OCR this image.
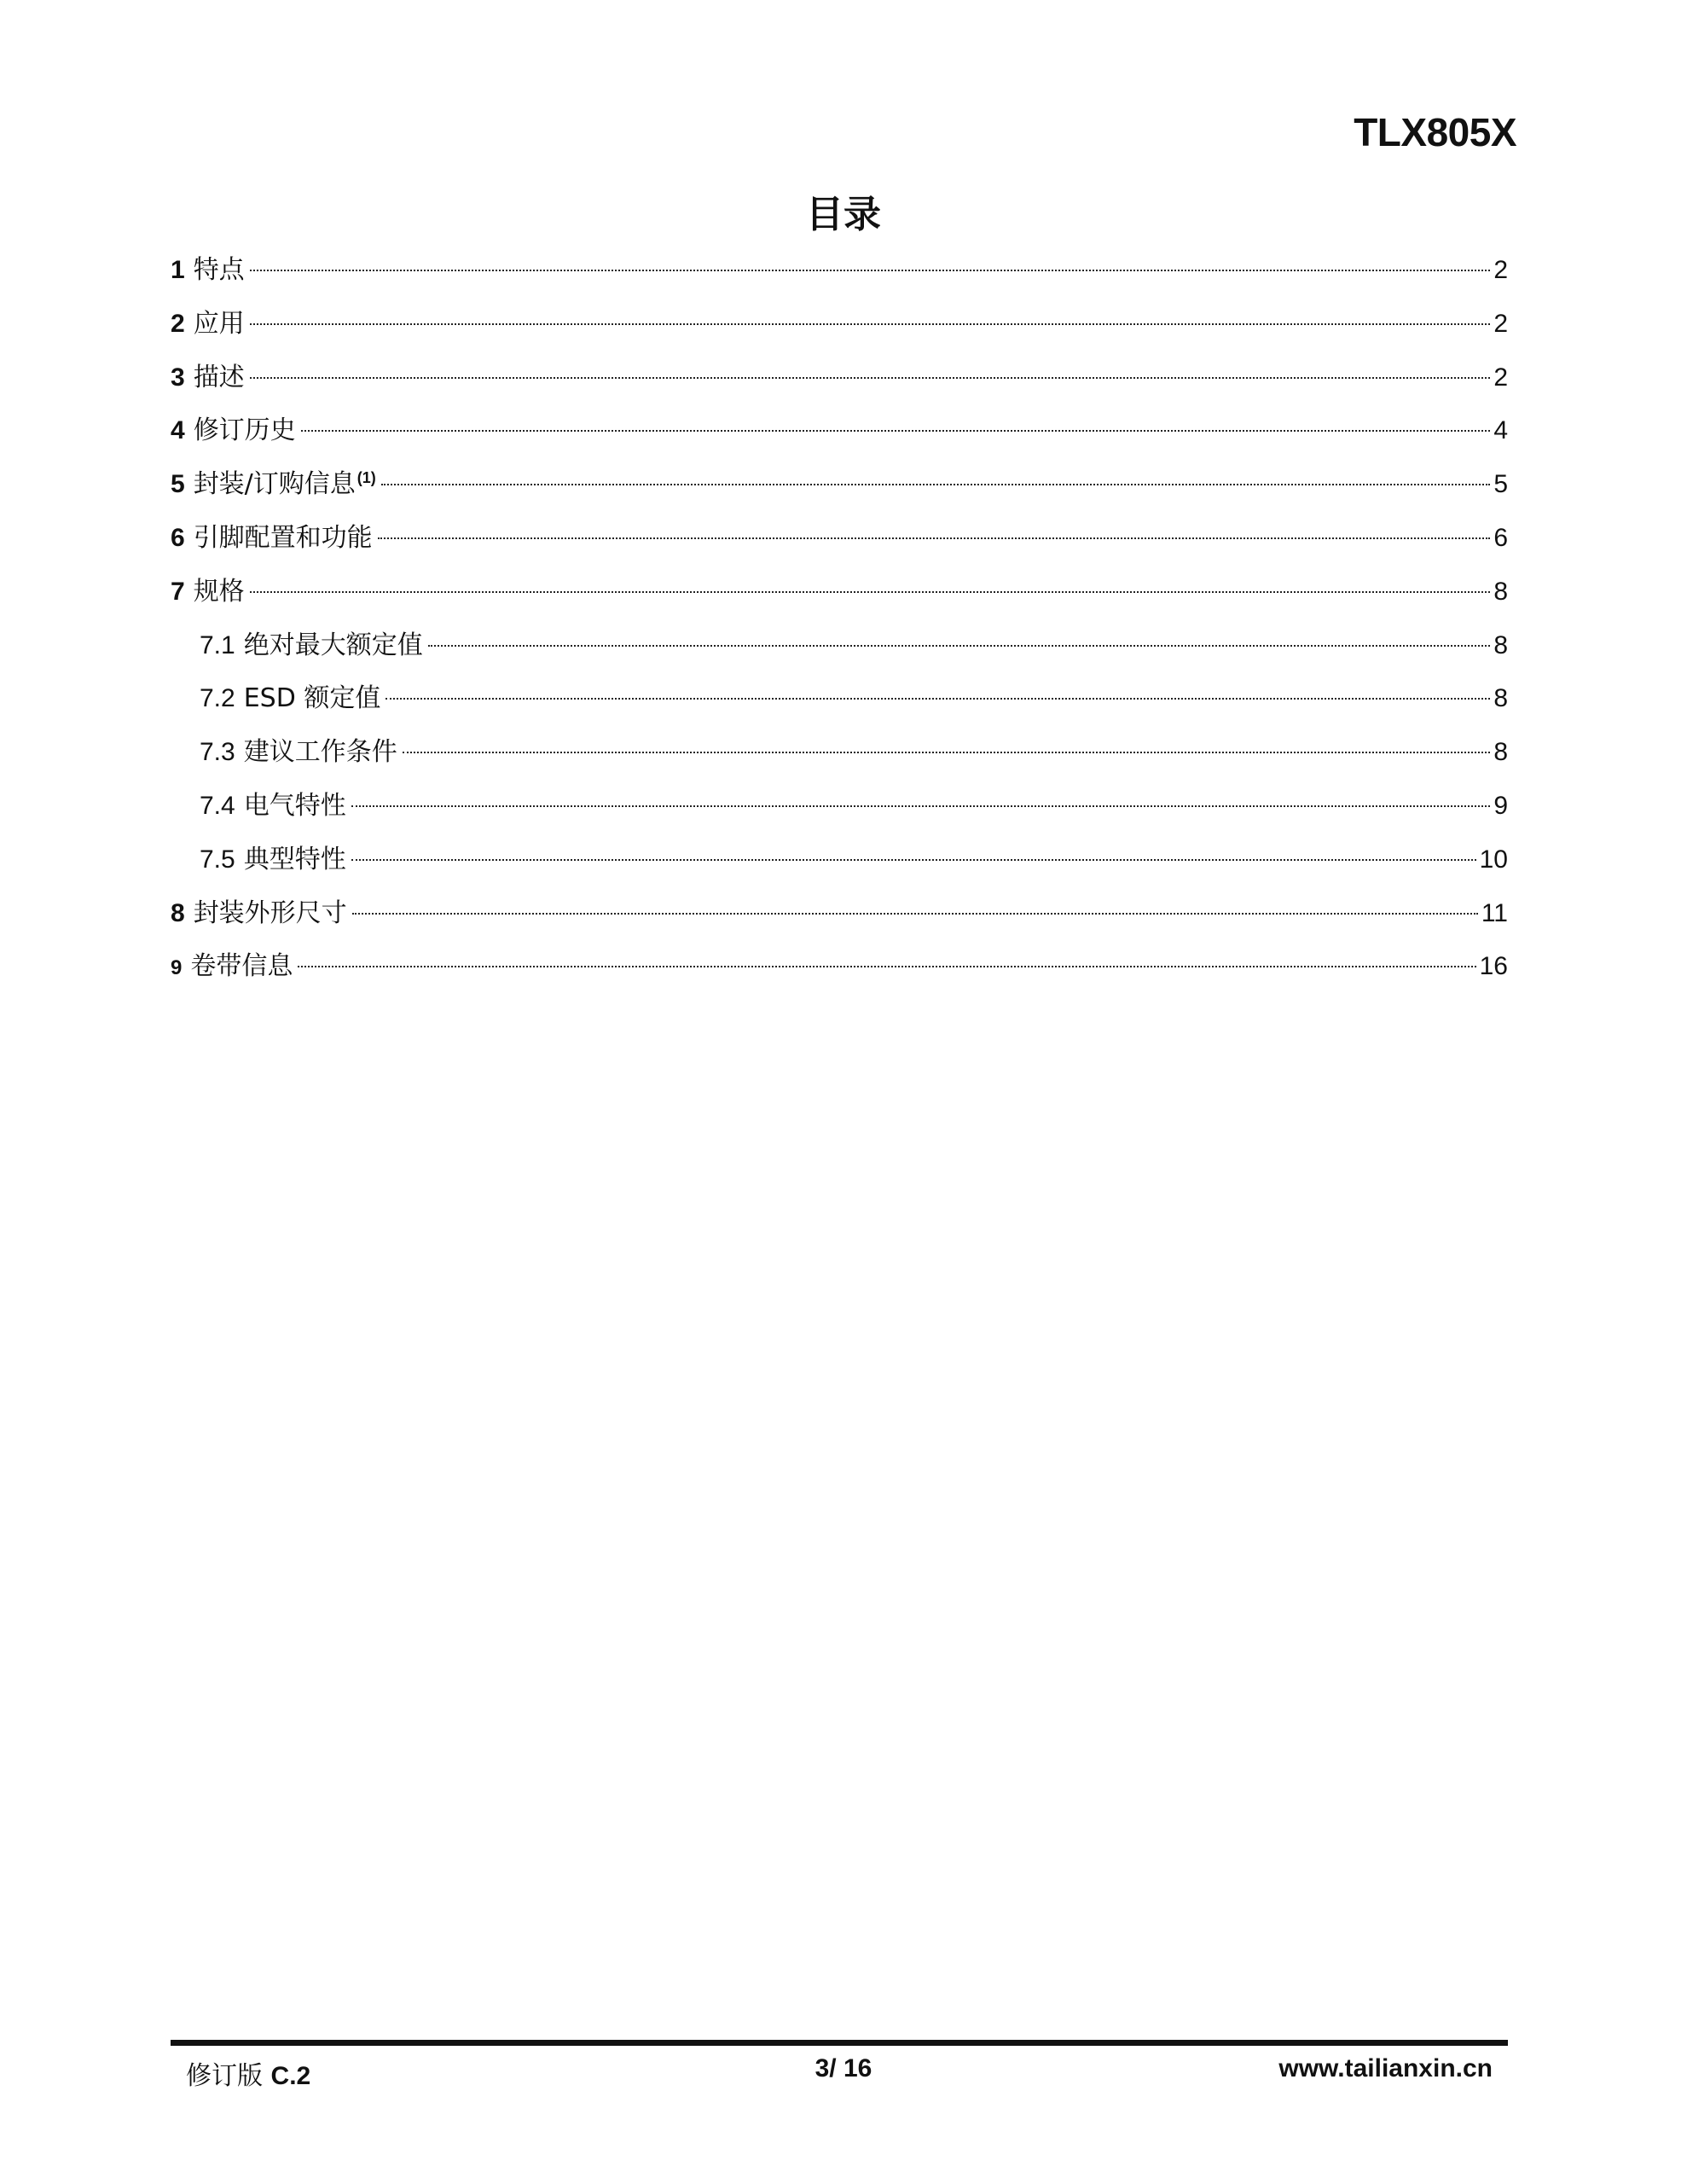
TLX805X
目录
1 特点	2
2 应用	2
3 描述	2
4 修订历史	4
5 封装/订购信息 $^{(1)}$	5
6 引脚配置和功能	6
7 规格	8
7.1 绝对最大额定值	8
7.2 ESD 额定值	8
7.3 建议工作条件	8
7.4 电气特性	9
7.5 典型特性	10
8 封装外形尺寸	11
9 卷带信息	16
修订版 C.2	3/ 16	www.tailianxin.cn
